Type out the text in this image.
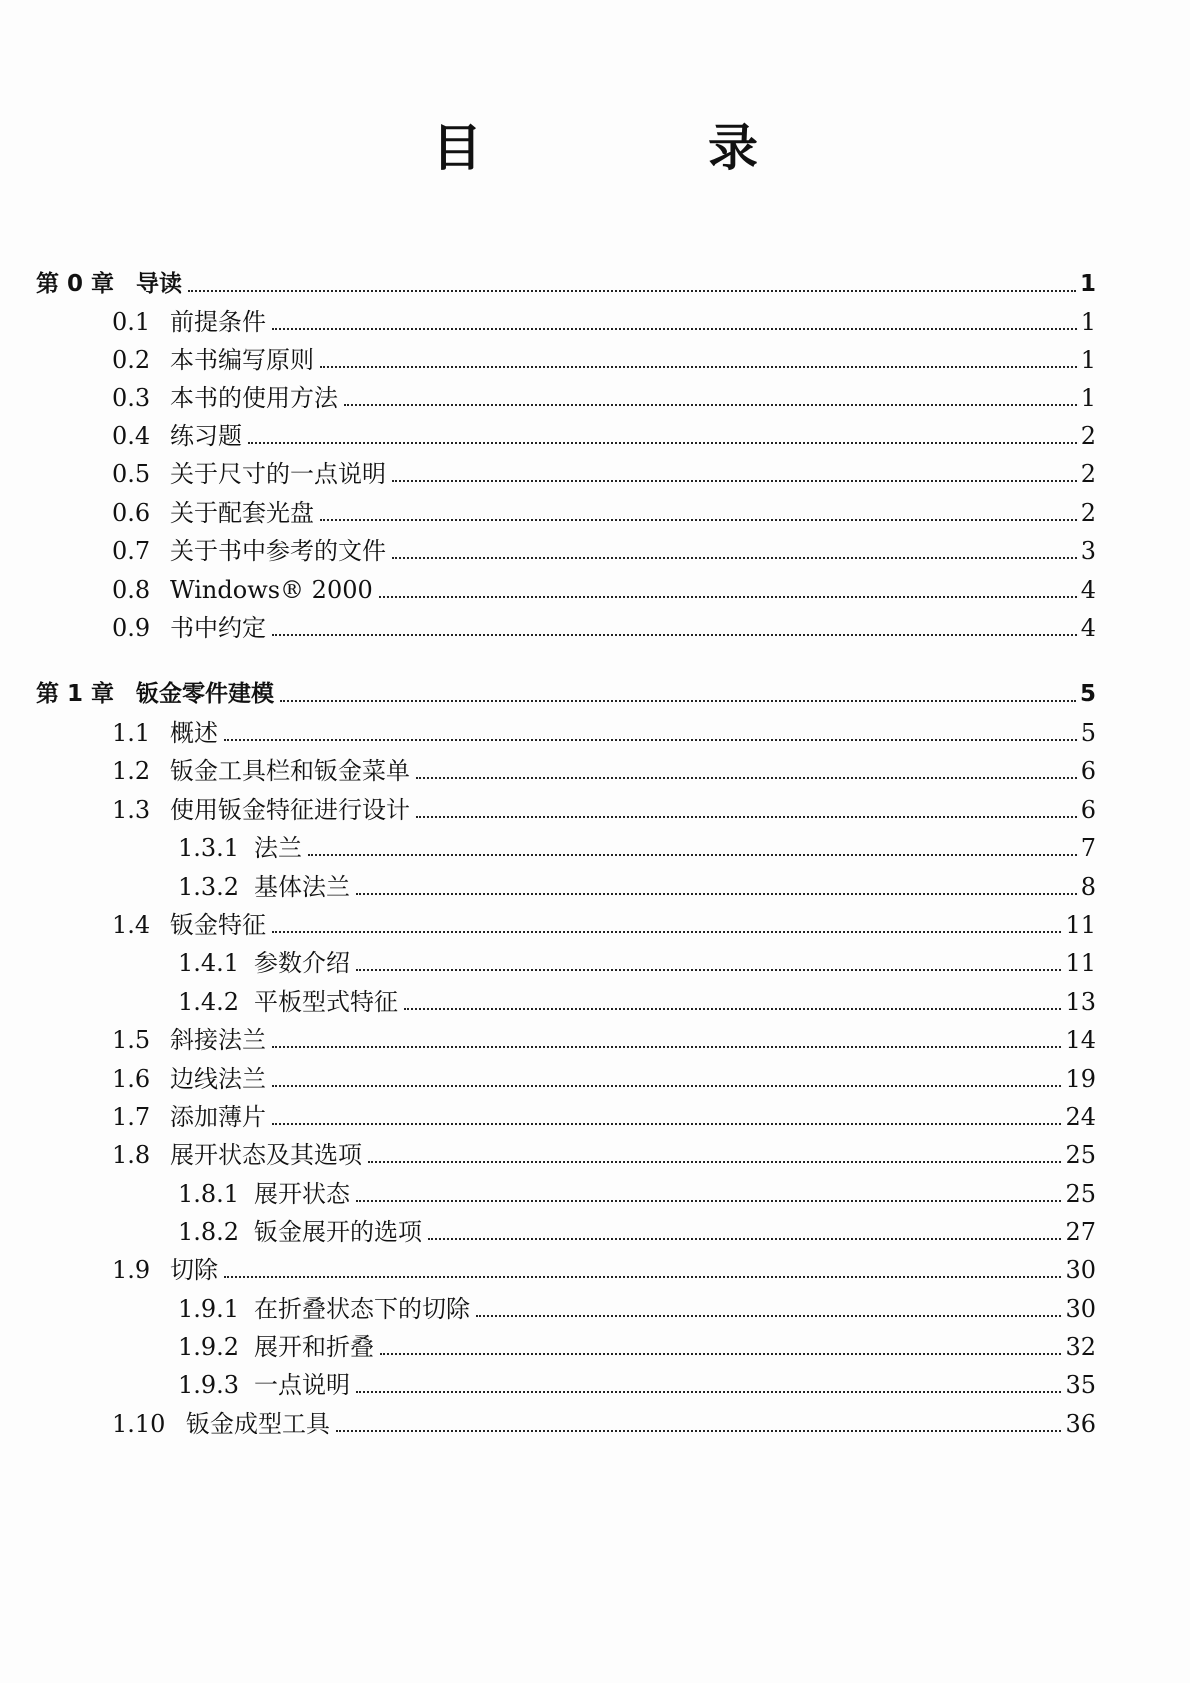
目　录
第 0 章 导读	1
0.1 前提条件	1
0.2 本书编写原则	1
0.3 本书的使用方法	1
0.4 练习题	2
0.5 关于尺寸的一点说明	2
0.6 关于配套光盘	2
0.7 关于书中参考的文件	3
0.8 Windows® 2000	4
0.9 书中约定	4
第 1 章 钣金零件建模	5
1.1 概述	5
1.2 钣金工具栏和钣金菜单	6
1.3 使用钣金特征进行设计	6
1.3.1 法兰	7
1.3.2 基体法兰	8
1.4 钣金特征	11
1.4.1 参数介绍	11
1.4.2 平板型式特征	13
1.5 斜接法兰	14
1.6 边线法兰	19
1.7 添加薄片	24
1.8 展开状态及其选项	25
1.8.1 展开状态	25
1.8.2 钣金展开的选项	27
1.9 切除	30
1.9.1 在折叠状态下的切除	30
1.9.2 展开和折叠	32
1.9.3 一点说明	35
1.10 钣金成型工具	36
